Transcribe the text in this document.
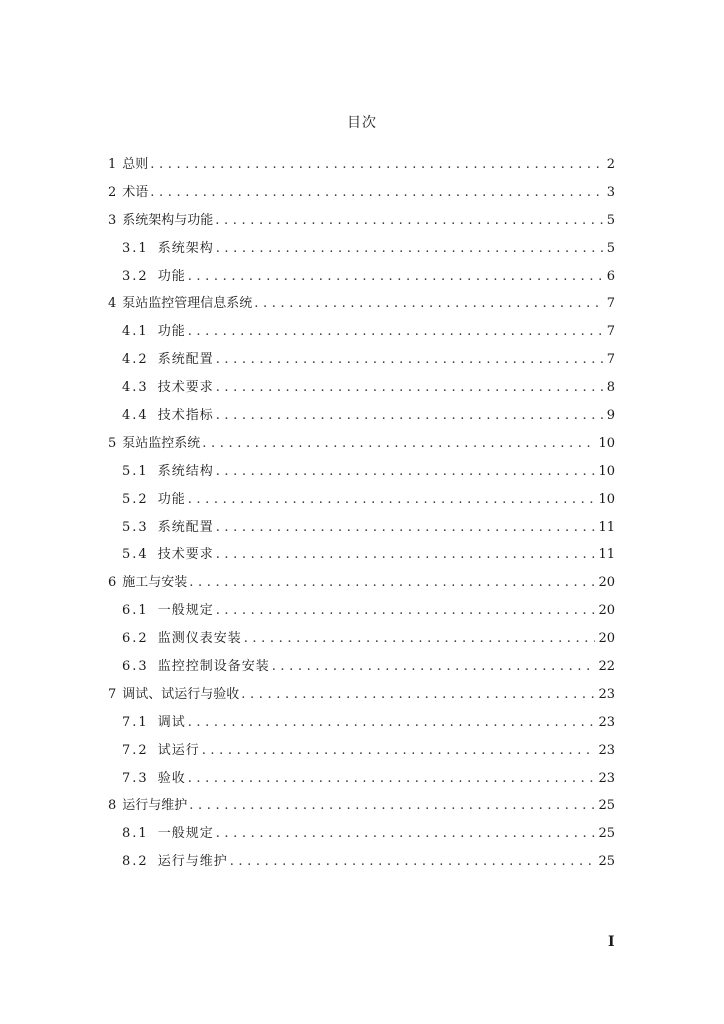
目次
1 总则 .....	2
2 术语 .....	3
3 系统架构与功能 .....	5
3.1 系统架构 .....	5
3.2 功能 .....	6
4 泵站监控管理信息系统 .....	7
4.1 功能 .....	7
4.2 系统配置 .....	7
4.3 技术要求 .....	8
4.4 技术指标 .....	9
5 泵站监控系统 .....	10
5.1 系统结构 .....	10
5.2 功能 .....	10
5.3 系统配置 .....	11
5.4 技术要求 .....	11
6 施工与安装 .....	20
6.1 一般规定 .....	20
6.2 监测仪表安装 .....	20
6.3 监控控制设备安装 .....	22
7 调试、试运行与验收 .....	23
7.1 调试 .....	23
7.2 试运行 .....	23
7.3 验收 .....	23
8 运行与维护 .....	25
8.1 一般规定 .....	25
8.2 运行与维护 .....	25
I
